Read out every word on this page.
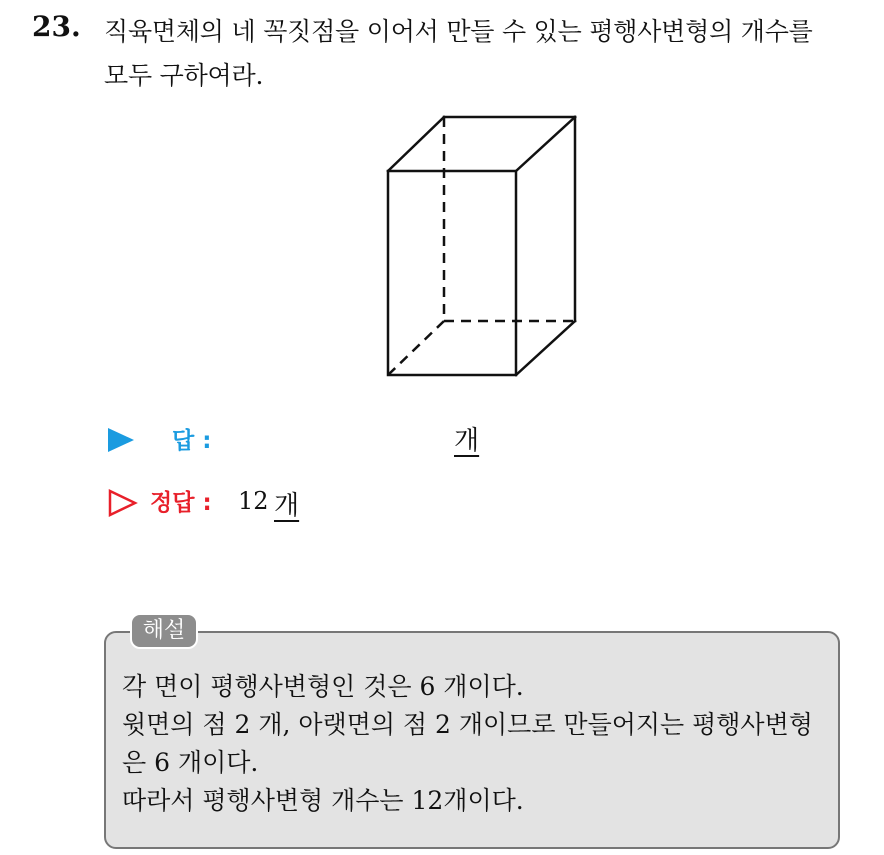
23. 직육면체의 네 꼭짓점을 이어서 만들 수 있는 평행사변형의 개수를
모두 구하여라.
답 :	개
정답 : 12 개
해설
각 면이 평행사변형인 것은 6 개이다.
윗면의 점 2 개, 아랫면의 점 2 개이므로 만들어지는 평행사변형
은 6 개이다.
따라서 평행사변형 개수는 12개이다.
